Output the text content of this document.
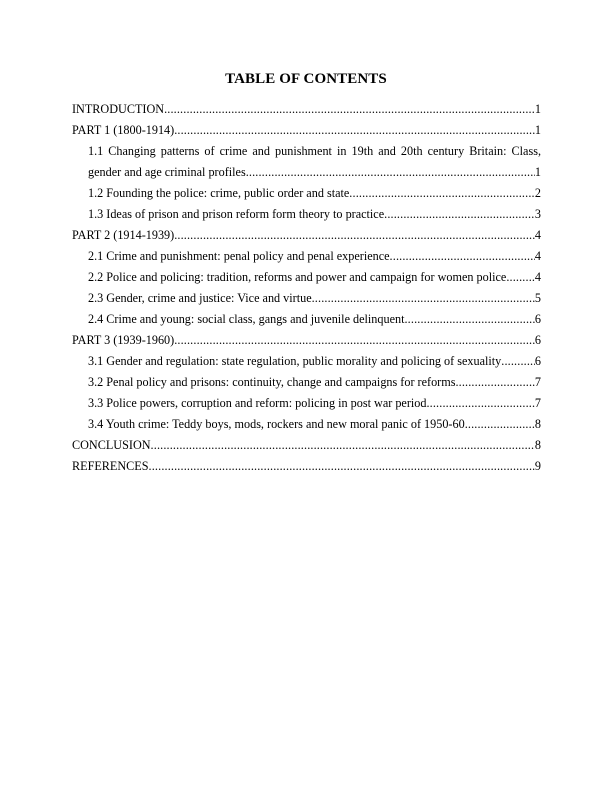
TABLE OF CONTENTS
INTRODUCTION .....	1
PART 1 (1800-1914) .....	1
1.1 Changing patterns of crime and punishment in 19th and 20th century Britain: Class,
gender and age criminal profiles .....	1
1.2 Founding the police: crime, public order and state .....	2
1.3 Ideas of prison and prison reform form theory to practice .....	3
PART 2 (1914-1939) .....	4
2.1 Crime and punishment: penal policy and penal experience .....	4
2.2 Police and policing: tradition, reforms and power and campaign for women police ..... 4
2.3 Gender, crime and justice: Vice and virtue .....	5
2.4 Crime and young: social class, gangs and juvenile delinquent .....	6
PART 3 (1939-1960) .....	6
3.1 Gender and regulation: state regulation, public morality and policing of sexuality .....	6
3.2 Penal policy and prisons: continuity, change and campaigns for reforms .....	7
3.3 Police powers, corruption and reform: policing in post war period .....	7
3.4 Youth crime: Teddy boys, mods, rockers and new moral panic of 1950-60 .....	8
CONCLUSION .....	8
REFERENCES .....	9
